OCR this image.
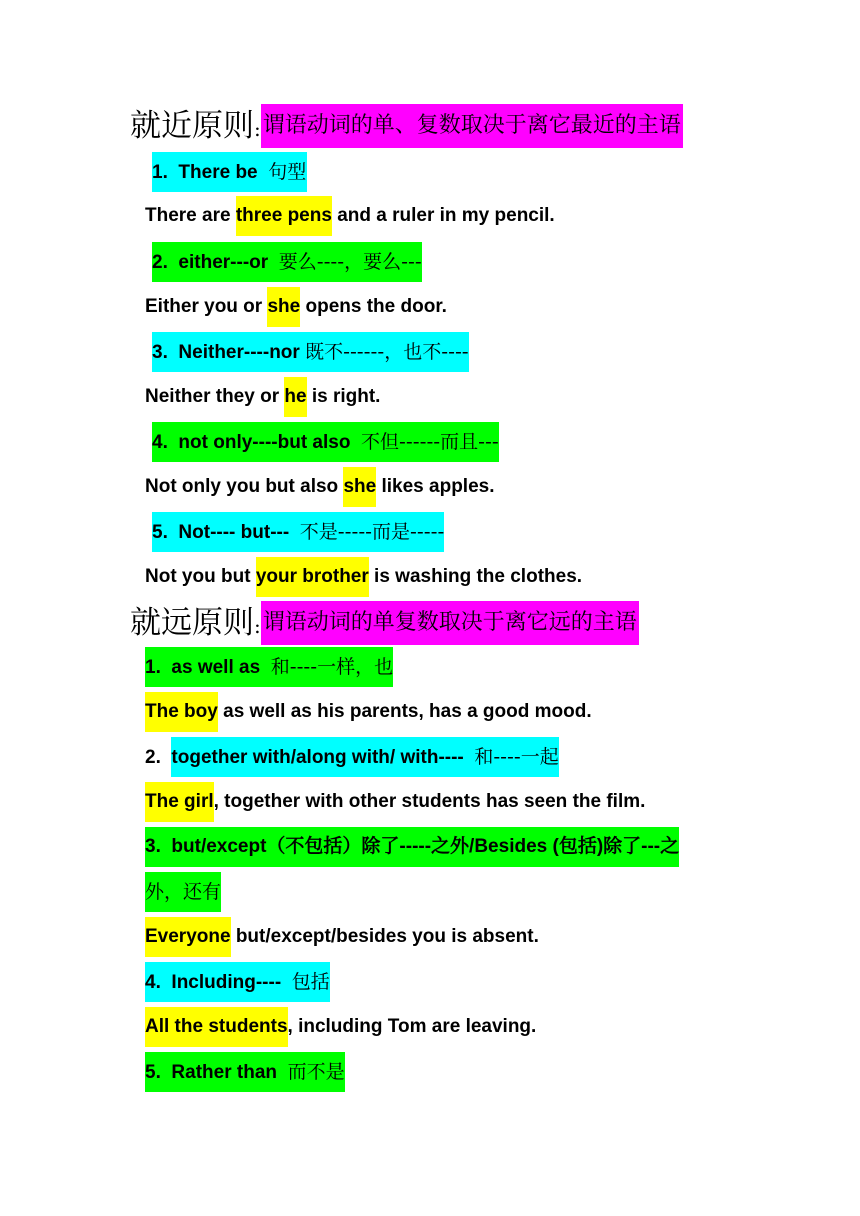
就近原则:谓语动词的单、复数取决于离它最近的主语
1. There be 句型
There are three pens and a ruler in my pencil.
2. either---or 要么----，要么---
Either you or she opens the door.
3. Neither----nor 既不------，也不----
Neither they or he is right.
4. not only----but also 不但------而且---
Not only you but also she likes apples.
5. Not---- but--- 不是-----而是-----
Not you but your brother is washing the clothes.
就远原则:谓语动词的单复数取决于离它远的主语
1. as well as 和----一样，也
The boy as well as his parents, has a good mood.
2. together with/along with/ with---- 和----一起
The girl, together with other students has seen the film.
3.  but/except（不包括）除了-----之外/Besides (包括)除了---之
外，还有
Everyone but/except/besides you is absent.
4. Including---- 包括
All the students, including Tom are leaving.
5. Rather than 而不是
